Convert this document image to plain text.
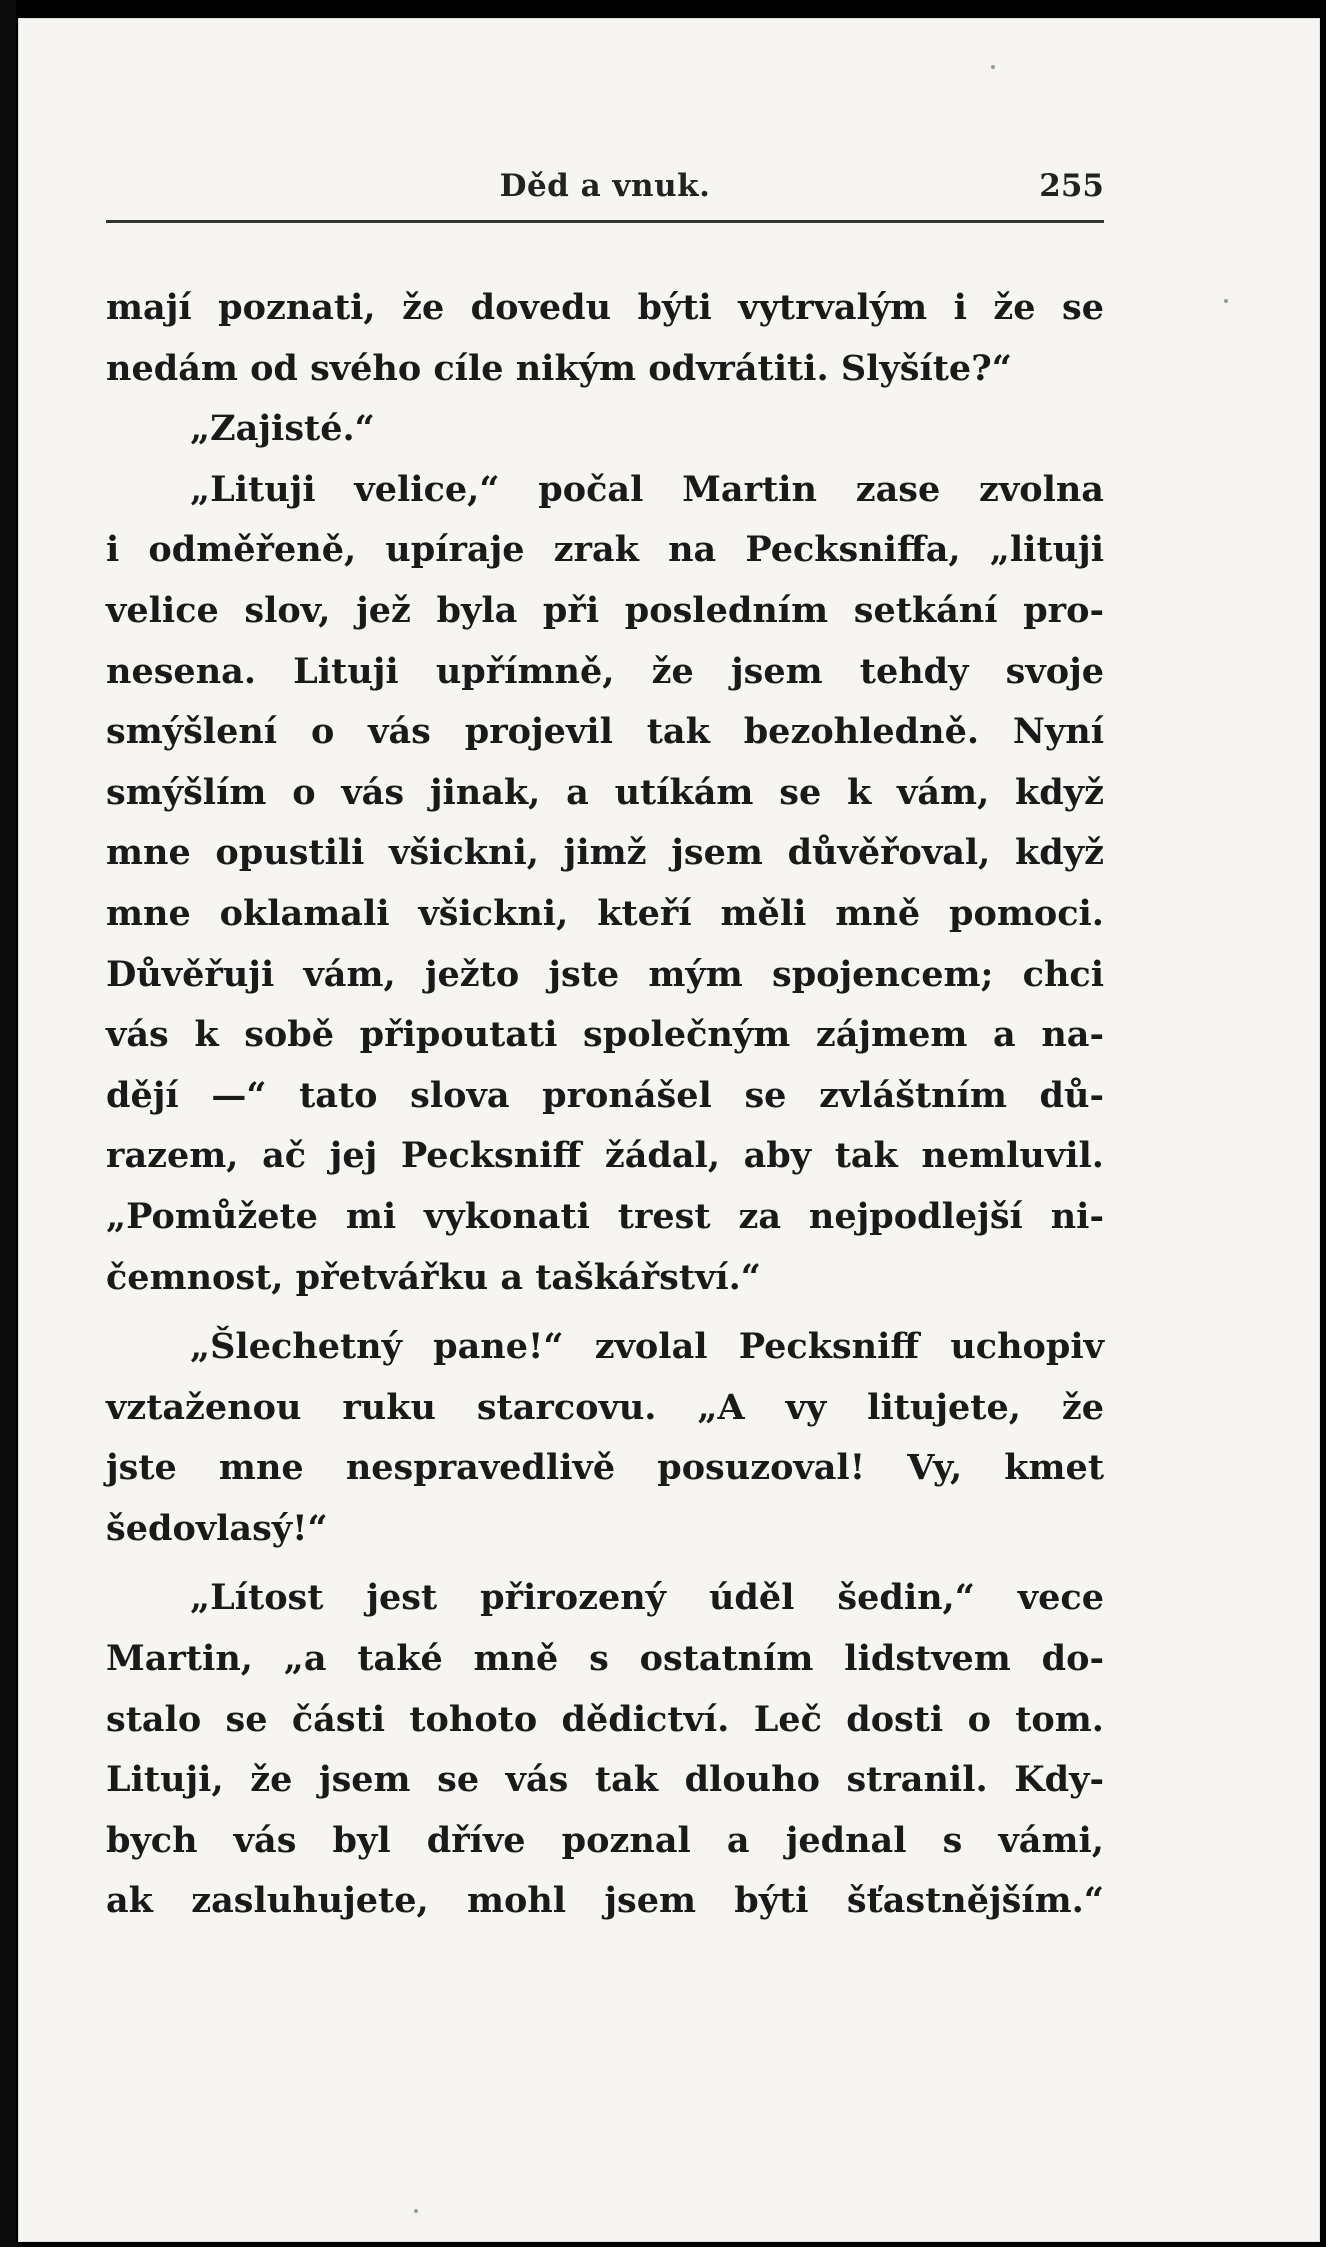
Děd a vnuk.	255
mají poznati, že dovedu býti vytrvalým i že se
nedám od svého cíle nikým odvrátiti. Slyšíte?“
„Zajisté.“
„Lituji velice,“ počal Martin zase zvolna
i odměřeně, upíraje zrak na Pecksniffa, „lituji
velice slov, jež byla při posledním setkání pro-
nesena. Lituji upřímně, že jsem tehdy svoje
smýšlení o vás projevil tak bezohledně. Nyní
smýšlím o vás jinak, a utíkám se k vám, když
mne opustili všickni, jimž jsem důvěřoval, když
mne oklamali všickni, kteří měli mně pomoci.
Důvěřuji vám, ježto jste mým spojencem; chci
vás k sobě připoutati společným zájmem a na-
dějí —“ tato slova pronášel se zvláštním dů-
razem, ač jej Pecksniff žádal, aby tak nemluvil.
„Pomůžete mi vykonati trest za nejpodlejší ni-
čemnost, přetvářku a taškářství.“
„Šlechetný pane!“ zvolal Pecksniff uchopiv
vztaženou ruku starcovu. „A vy litujete, že
jste mne nespravedlivě posuzoval! Vy, kmet
šedovlasý!“
„Lítost jest přirozený úděl šedin,“ vece
Martin, „a také mně s ostatním lidstvem do-
stalo se části tohoto dědictví. Leč dosti o tom.
Lituji, že jsem se vás tak dlouho stranil. Kdy-
bych vás byl dříve poznal a jednal s vámi,
ak zasluhujete, mohl jsem býti šťastnějším.“
